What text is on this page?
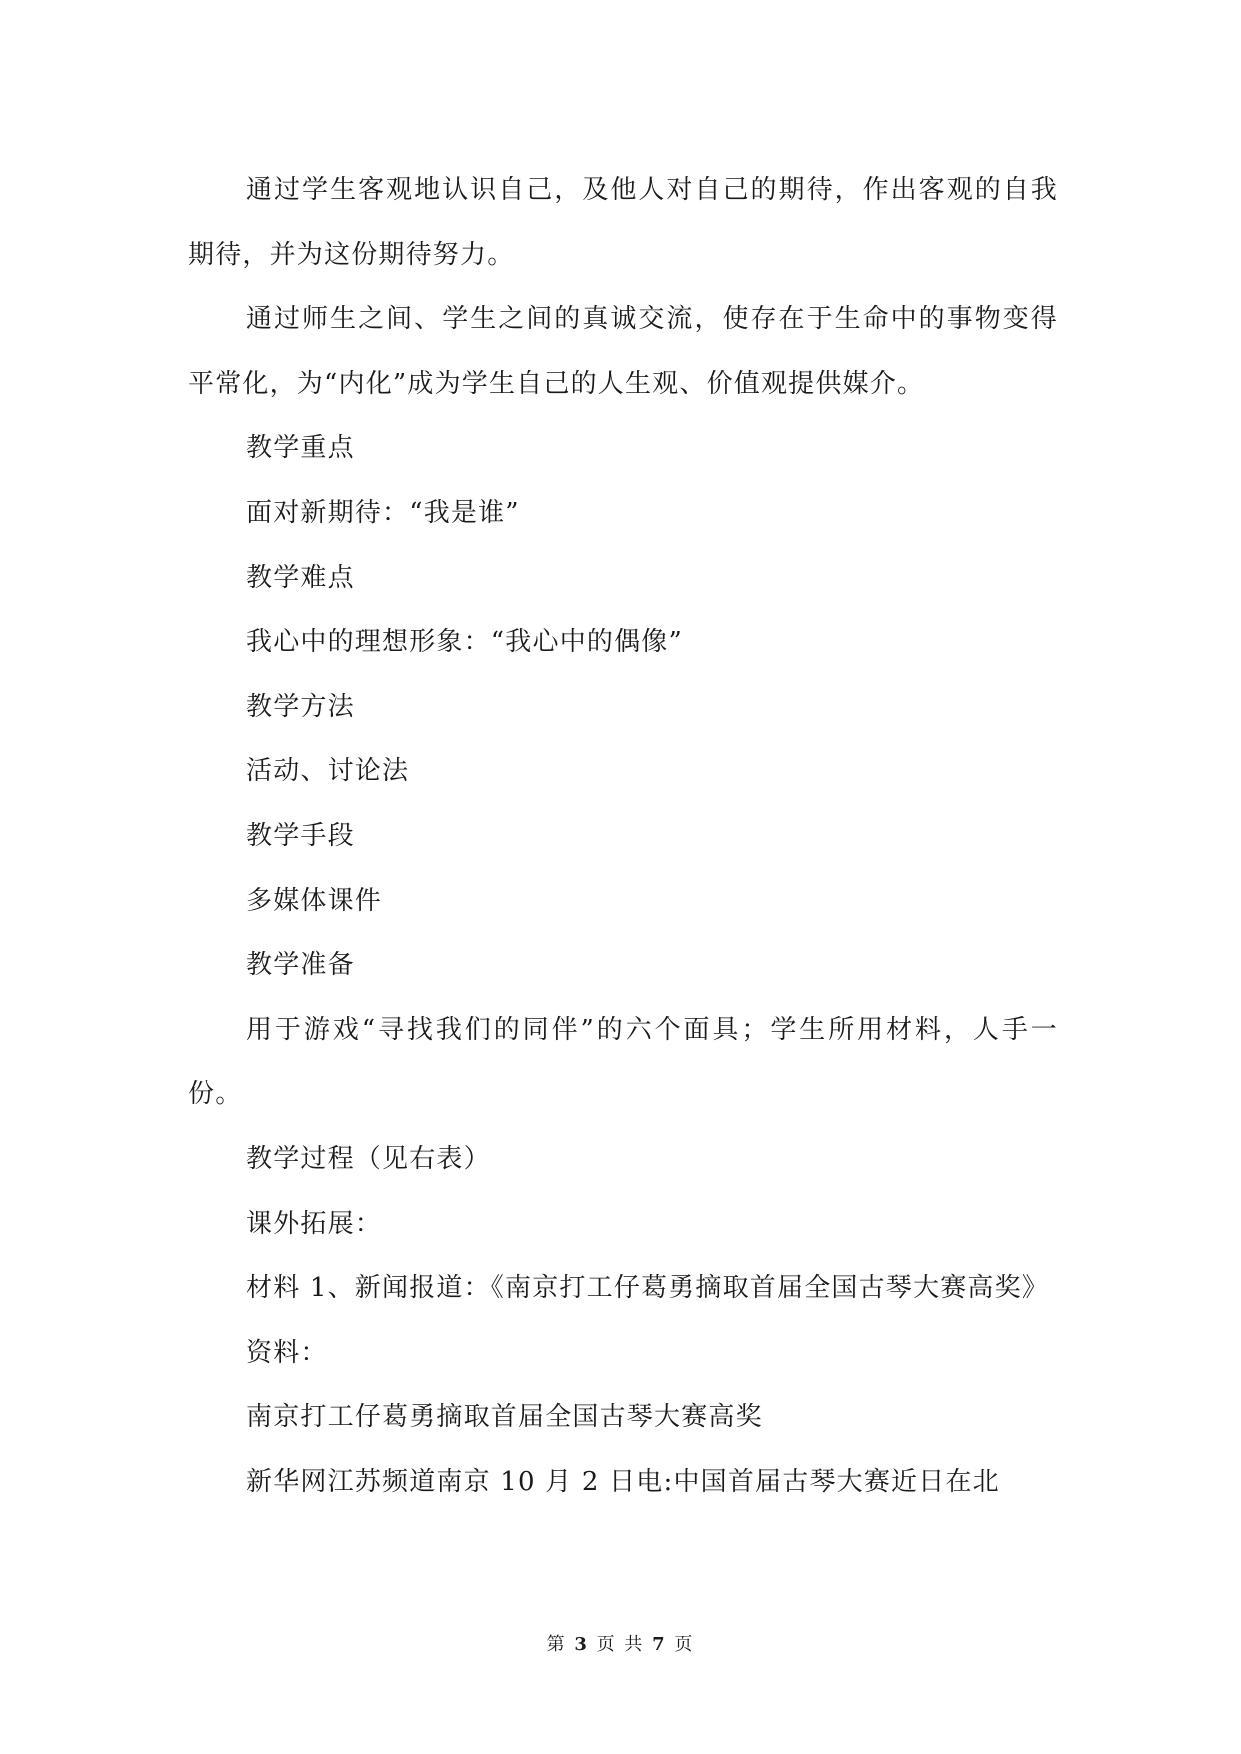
通过学生客观地认识自己，及他人对自己的期待，作出客观的自我期待，并为这份期待努力。

通过师生之间、学生之间的真诚交流，使存在于生命中的事物变得平常化，为“内化”成为学生自己的人生观、价值观提供媒介。

教学重点

面对新期待：“我是谁”

教学难点

我心中的理想形象：“我心中的偶像”

教学方法

活动、讨论法

教学手段

多媒体课件

教学准备

用于游戏“寻找我们的同伴”的六个面具；学生所用材料，人手一份。

教学过程（见右表）

课外拓展：

材料 1、新闻报道：《南京打工仔葛勇摘取首届全国古琴大赛高奖》

资料：

南京打工仔葛勇摘取首届全国古琴大赛高奖

新华网江苏频道南京 10 月 2 日电:中国首届古琴大赛近日在北

第 3 页 共 7 页
